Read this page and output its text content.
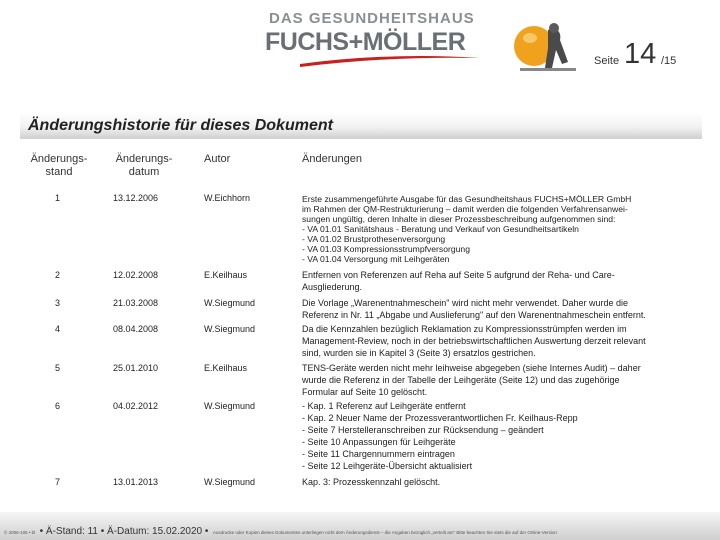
DAS GESUNDHEITSHAUS
FUCHS+MÖLLER
Seite 14 /15
Änderungshistorie für dieses Dokument
Änderungs-
stand
Änderungs-
datum
Autor	Änderungen
1	13.12.2006	W.Eichhorn	Erste zusammengeführte Ausgabe für das Gesundheitshaus FUCHS+MÖLLER GmbH
im Rahmen der QM-Restrukturierung – damit werden die folgenden Verfahrensanwei-
sungen ungültig, deren Inhalte in dieser Prozessbeschreibung aufgenommen sind:
- VA 01.01 Sanitätshaus - Beratung und Verkauf von Gesundheitsartikeln
- VA 01.02 Brustprothesenversorgung
- VA 01.03 Kompressionsstrumpfversorgung
- VA 01.04 Versorgung mit Leihgeräten
2	12.02.2008	E.Keilhaus	Entfernen von Referenzen auf Reha auf Seite 5 aufgrund der Reha- und Care-
Ausgliederung.
3	21.03.2008	W.Siegmund	Die Vorlage „Warenentnahmeschein" wird nicht mehr verwendet. Daher wurde die
Referenz in Nr. 11 „Abgabe und Auslieferung" auf den Warenentnahmeschein entfernt.
4	08.04.2008	W.Siegmund	Da die Kennzahlen bezüglich Reklamation zu Kompressionsstrümpfen werden im
Management-Review, noch in der betriebswirtschaftlichen Auswertung derzeit relevant
sind, wurden sie in Kapitel 3 (Seite 3) ersatzlos gestrichen.
5	25.01.2010	E.Keilhaus	TENS-Geräte werden nicht mehr leihweise abgegeben (siehe Internes Audit) – daher
wurde die Referenz in der Tabelle der Leihgeräte (Seite 12) und das zugehörige
Formular auf Seite 10 gelöscht.
6	04.02.2012	W.Siegmund	- Kap. 1 Referenz auf Leihgeräte entfernt
- Kap. 2 Neuer Name der Prozessverantwortlichen Fr. Keilhaus-Repp
- Seite 7 Herstelleranschreiben zur Rücksendung – geändert
- Seite 10 Anpassungen für Leihgeräte
- Seite 11 Chargennummern eintragen
- Seite 12 Leihgeräte-Übersicht aktualisiert
7	13.01.2013	W.Siegmund	Kap. 3: Prozesskennzahl gelöscht.
© 2006-105 • bl • Ä-Stand: 11 • Ä-Datum: 15.02.2020 • Ausdrucke oder Kopien dieses Dokumentes unterliegen nicht dem Änderungsdienst – die Angaben bezüglich „verteilt am" Bitte beachten Sie stets die auf der Online-Version
